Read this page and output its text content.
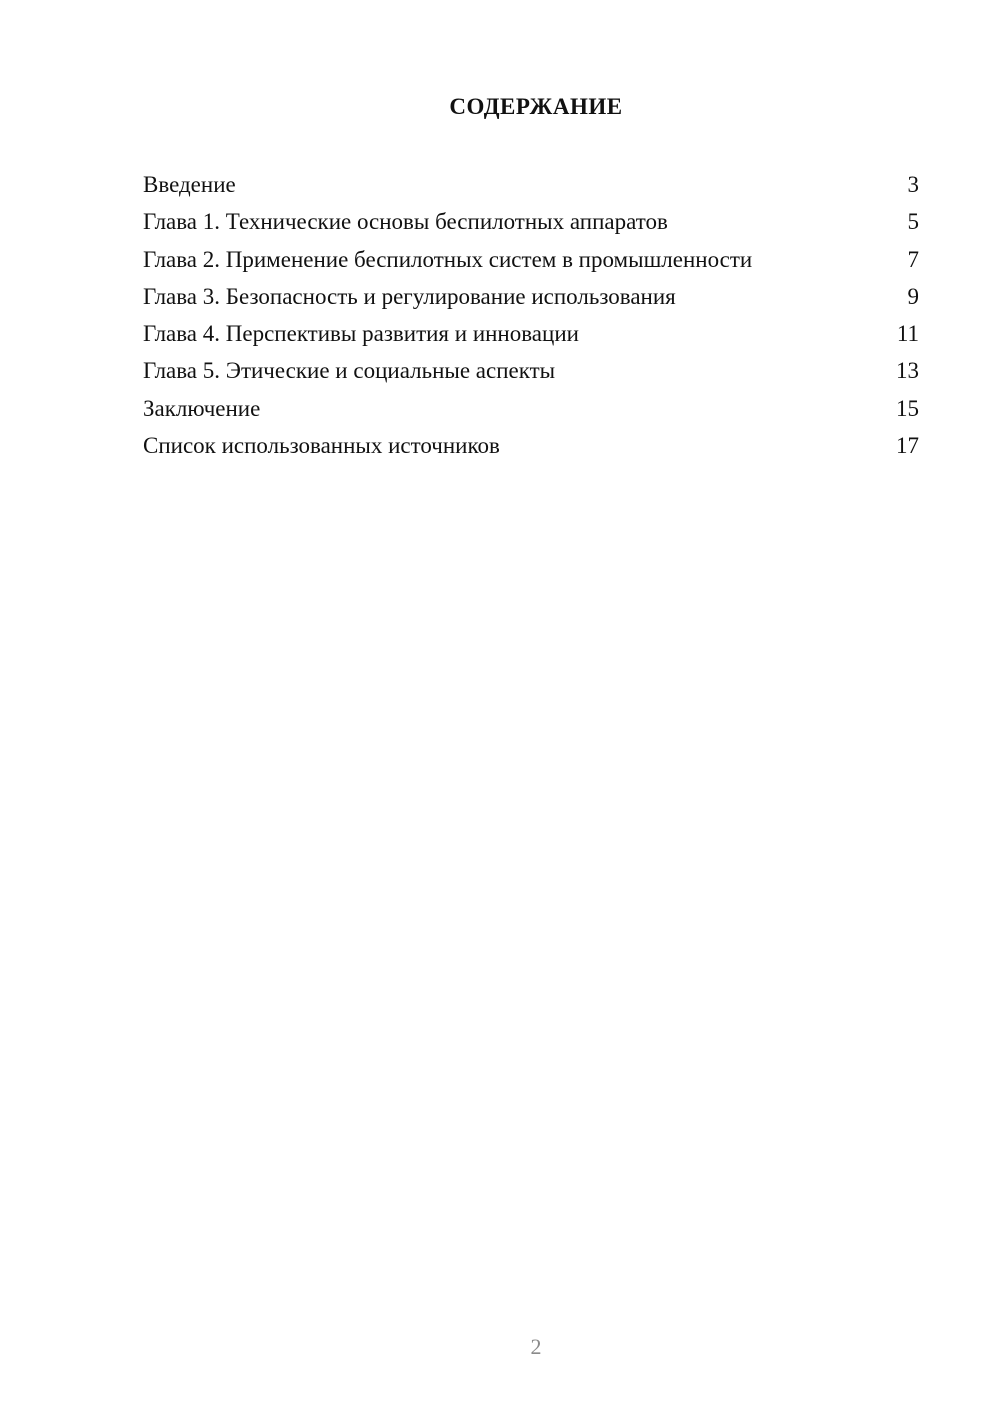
СОДЕРЖАНИЕ
Введение	3
Глава 1. Технические основы беспилотных аппаратов	5
Глава 2. Применение беспилотных систем в промышленности	7
Глава 3. Безопасность и регулирование использования	9
Глава 4. Перспективы развития и инновации	11
Глава 5. Этические и социальные аспекты	13
Заключение	15
Список использованных источников	17
2
